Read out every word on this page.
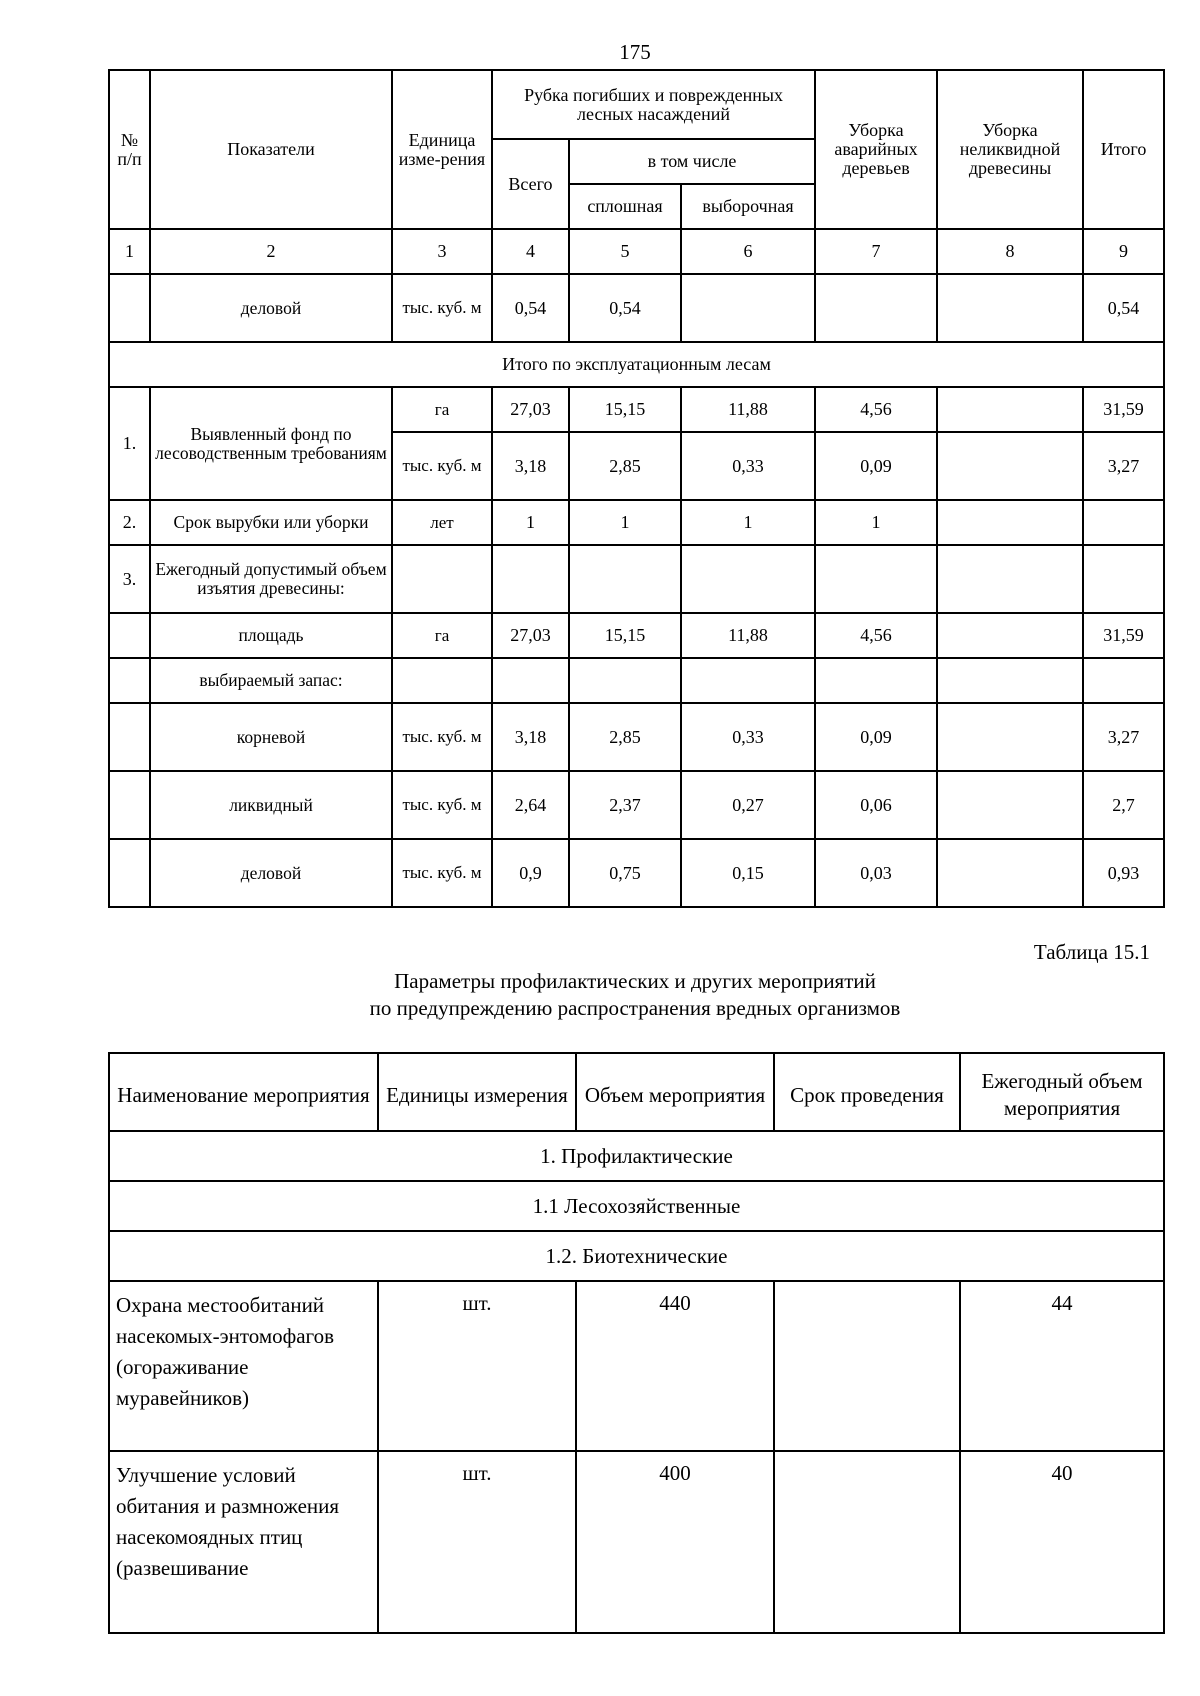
175
№ п/п	Показатели	Единица изме-рения	Рубка погибших и поврежденных лесных насаждений			Уборка аварийных деревьев	Уборка неликвидной древесины	Итого
			Всего	в том числе				
				сплошная	выборочная			
1	2	3	4	5	6	7	8	9
	деловой	тыс. куб. м	0,54	0,54				0,54
Итого по эксплуатационным лесам								
1.	Выявленный фонд по лесоводственным требованиям	га	27,03	15,15	11,88	4,56		31,59
		тыс. куб. м	3,18	2,85	0,33	0,09		3,27
2.	Срок вырубки или уборки	лет	1	1	1	1		
3.	Ежегодный допустимый объем изъятия древесины:							
	площадь	га	27,03	15,15	11,88	4,56		31,59
	выбираемый запас:							
	корневой	тыс. куб. м	3,18	2,85	0,33	0,09		3,27
	ликвидный	тыс. куб. м	2,64	2,37	0,27	0,06		2,7
	деловой	тыс. куб. м	0,9	0,75	0,15	0,03		0,93
Таблица 15.1
Параметры профилактических и других мероприятий
по предупреждению распространения вредных организмов
Наименование мероприятия	Единицы измерения	Объем мероприятия	Срок проведения	Ежегодный объем мероприятия
1. Профилактические				
1.1 Лесохозяйственные				
1.2. Биотехнические				
Охрана местообитаний насекомых-энтомофагов (огораживание муравейников)	шт.	440		44
Улучшение условий обитания и размножения насекомоядных птиц (развешивание	шт.	400		40
